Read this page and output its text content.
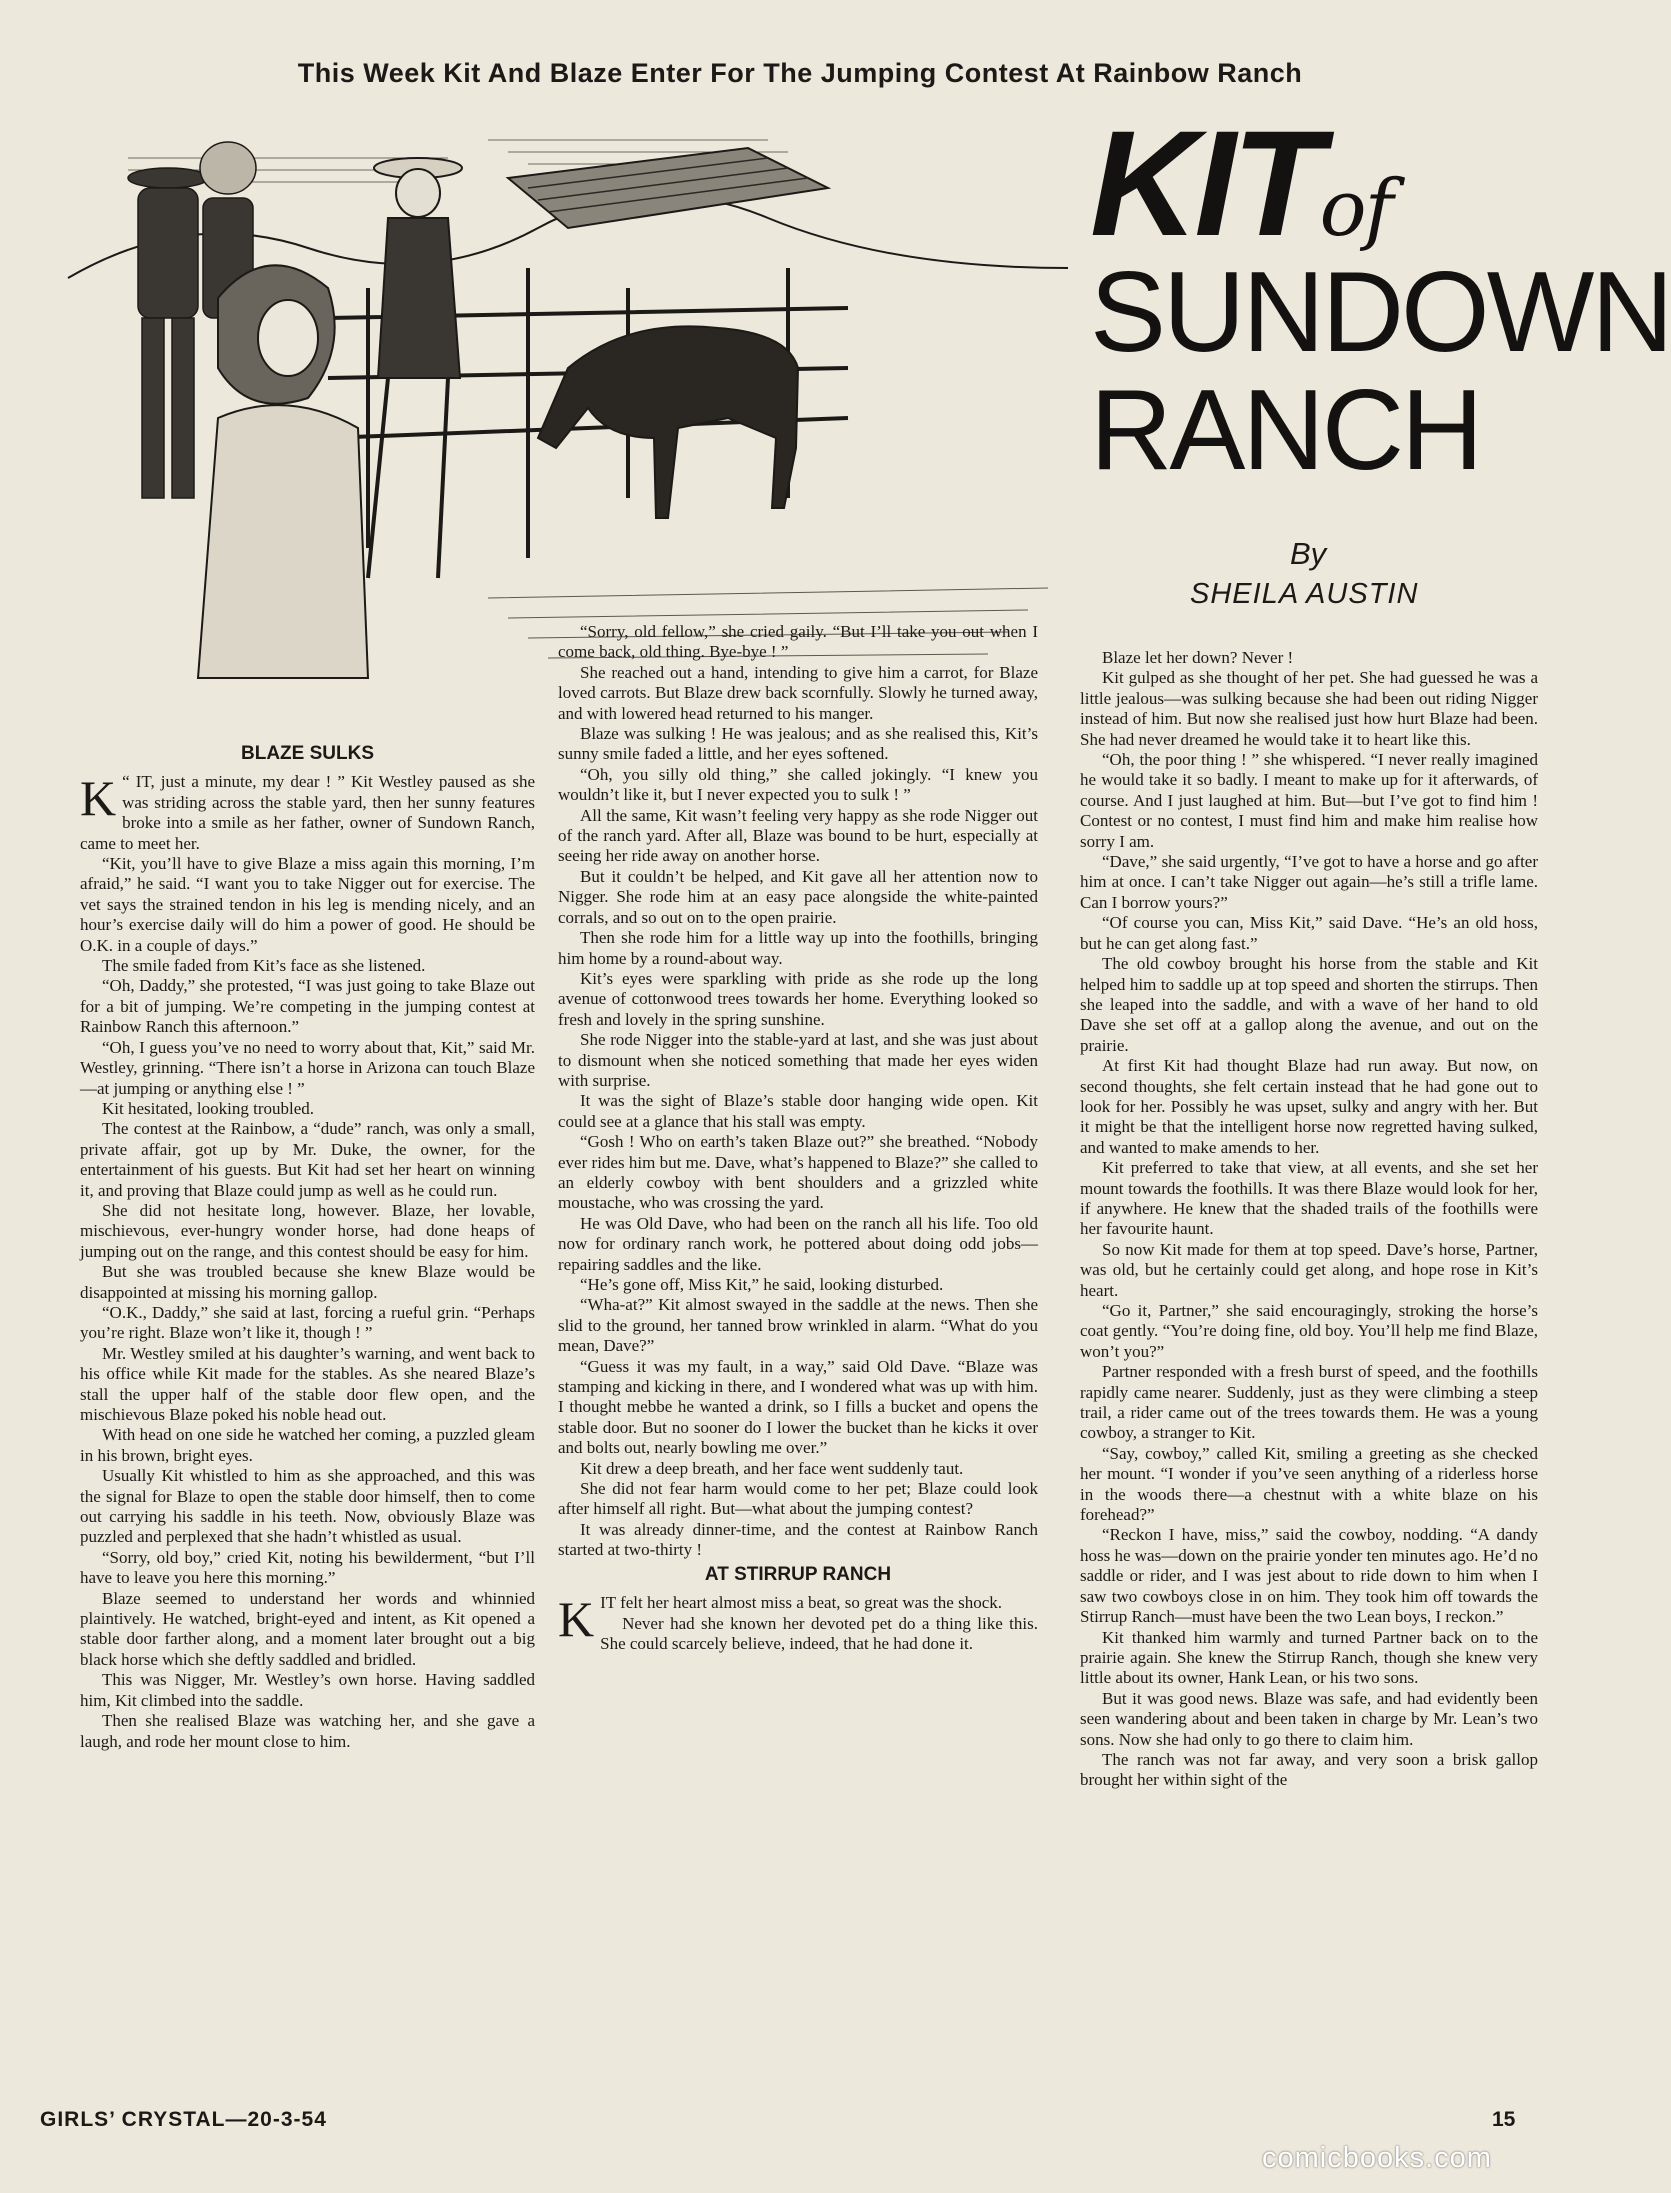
This Week Kit And Blaze Enter For The Jumping Contest At Rainbow Ranch
KITof
SUNDOWN
RANCH
By
SHEILA AUSTIN
BLAZE SULKS

K “ IT, just a minute, my dear ! ” Kit Westley paused as she was striding across the stable yard, then her sunny features broke into a smile as her father, owner of Sundown Ranch, came to meet her.

“Kit, you’ll have to give Blaze a miss again this morning, I’m afraid,” he said. “I want you to take Nigger out for exercise. The vet says the strained tendon in his leg is mending nicely, and an hour’s exercise daily will do him a power of good. He should be O.K. in a couple of days.”

The smile faded from Kit’s face as she listened.

“Oh, Daddy,” she protested, “I was just going to take Blaze out for a bit of jumping. We’re competing in the jumping contest at Rainbow Ranch this afternoon.”

“Oh, I guess you’ve no need to worry about that, Kit,” said Mr. Westley, grinning. “There isn’t a horse in Arizona can touch Blaze—at jumping or anything else ! ”

Kit hesitated, looking troubled.

The contest at the Rainbow, a “dude” ranch, was only a small, private affair, got up by Mr. Duke, the owner, for the entertainment of his guests. But Kit had set her heart on winning it, and proving that Blaze could jump as well as he could run.

She did not hesitate long, however. Blaze, her lovable, mischievous, ever-hungry wonder horse, had done heaps of jumping out on the range, and this contest should be easy for him.

But she was troubled because she knew Blaze would be disappointed at missing his morning gallop.

“O.K., Daddy,” she said at last, forcing a rueful grin. “Perhaps you’re right. Blaze won’t like it, though ! ”

Mr. Westley smiled at his daughter’s warning, and went back to his office while Kit made for the stables. As she neared Blaze’s stall the upper half of the stable door flew open, and the mischievous Blaze poked his noble head out.

With head on one side he watched her coming, a puzzled gleam in his brown, bright eyes.

Usually Kit whistled to him as she approached, and this was the signal for Blaze to open the stable door himself, then to come out carrying his saddle in his teeth. Now, obviously Blaze was puzzled and perplexed that she hadn’t whistled as usual.

“Sorry, old boy,” cried Kit, noting his bewilderment, “but I’ll have to leave you here this morning.”

Blaze seemed to understand her words and whinnied plaintively. He watched, bright-eyed and intent, as Kit opened a stable door farther along, and a moment later brought out a big black horse which she deftly saddled and bridled.

This was Nigger, Mr. Westley’s own horse. Having saddled him, Kit climbed into the saddle.

Then she realised Blaze was watching her, and she gave a laugh, and rode her mount close to him.

“Sorry, old fellow,” she cried gaily. “But I’ll take you out when I come back, old thing. Bye-bye ! ”

She reached out a hand, intending to give him a carrot, for Blaze loved carrots. But Blaze drew back scornfully. Slowly he turned away, and with lowered head returned to his manger.

Blaze was sulking ! He was jealous; and as she realised this, Kit’s sunny smile faded a little, and her eyes softened.

“Oh, you silly old thing,” she called jokingly. “I knew you wouldn’t like it, but I never expected you to sulk ! ”

All the same, Kit wasn’t feeling very happy as she rode Nigger out of the ranch yard. After all, Blaze was bound to be hurt, especially at seeing her ride away on another horse.

But it couldn’t be helped, and Kit gave all her attention now to Nigger. She rode him at an easy pace alongside the white-painted corrals, and so out on to the open prairie.

Then she rode him for a little way up into the foothills, bringing him home by a round-about way.

Kit’s eyes were sparkling with pride as she rode up the long avenue of cottonwood trees towards her home. Everything looked so fresh and lovely in the spring sunshine.

She rode Nigger into the stable-yard at last, and she was just about to dismount when she noticed something that made her eyes widen with surprise.

It was the sight of Blaze’s stable door hanging wide open. Kit could see at a glance that his stall was empty.

“Gosh ! Who on earth’s taken Blaze out?” she breathed. “Nobody ever rides him but me. Dave, what’s happened to Blaze?” she called to an elderly cowboy with bent shoulders and a grizzled white moustache, who was crossing the yard.

He was Old Dave, who had been on the ranch all his life. Too old now for ordinary ranch work, he pottered about doing odd jobs—repairing saddles and the like.

“He’s gone off, Miss Kit,” he said, looking disturbed.

“Wha-at?” Kit almost swayed in the saddle at the news. Then she slid to the ground, her tanned brow wrinkled in alarm. “What do you mean, Dave?”

“Guess it was my fault, in a way,” said Old Dave. “Blaze was stamping and kicking in there, and I wondered what was up with him. I thought mebbe he wanted a drink, so I fills a bucket and opens the stable door. But no sooner do I lower the bucket than he kicks it over and bolts out, nearly bowling me over.”

Kit drew a deep breath, and her face went suddenly taut.

She did not fear harm would come to her pet; Blaze could look after himself all right. But—what about the jumping contest?

It was already dinner-time, and the contest at Rainbow Ranch started at two-thirty !

AT STIRRUP RANCH

KIT felt her heart almost miss a beat, so great was the shock.

Never had she known her devoted pet do a thing like this. She could scarcely believe, indeed, that he had done it.

Blaze let her down? Never !

Kit gulped as she thought of her pet. She had guessed he was a little jealous—was sulking because she had been out riding Nigger instead of him. But now she realised just how hurt Blaze had been. She had never dreamed he would take it to heart like this.

“Oh, the poor thing ! ” she whispered. “I never really imagined he would take it so badly. I meant to make up for it afterwards, of course. And I just laughed at him. But—but I’ve got to find him ! Contest or no contest, I must find him and make him realise how sorry I am.

“Dave,” she said urgently, “I’ve got to have a horse and go after him at once. I can’t take Nigger out again—he’s still a trifle lame. Can I borrow yours?”

“Of course you can, Miss Kit,” said Dave. “He’s an old hoss, but he can get along fast.”

The old cowboy brought his horse from the stable and Kit helped him to saddle up at top speed and shorten the stirrups. Then she leaped into the saddle, and with a wave of her hand to old Dave she set off at a gallop along the avenue, and out on the prairie.

At first Kit had thought Blaze had run away. But now, on second thoughts, she felt certain instead that he had gone out to look for her. Possibly he was upset, sulky and angry with her. But it might be that the intelligent horse now regretted having sulked, and wanted to make amends to her.

Kit preferred to take that view, at all events, and she set her mount towards the foothills. It was there Blaze would look for her, if anywhere. He knew that the shaded trails of the foothills were her favourite haunt.

So now Kit made for them at top speed. Dave’s horse, Partner, was old, but he certainly could get along, and hope rose in Kit’s heart.

“Go it, Partner,” she said encouragingly, stroking the horse’s coat gently. “You’re doing fine, old boy. You’ll help me find Blaze, won’t you?”

Partner responded with a fresh burst of speed, and the foothills rapidly came nearer. Suddenly, just as they were climbing a steep trail, a rider came out of the trees towards them. He was a young cowboy, a stranger to Kit.

“Say, cowboy,” called Kit, smiling a greeting as she checked her mount. “I wonder if you’ve seen anything of a riderless horse in the woods there—a chestnut with a white blaze on his forehead?”

“Reckon I have, miss,” said the cowboy, nodding. “A dandy hoss he was—down on the prairie yonder ten minutes ago. He’d no saddle or rider, and I was jest about to ride down to him when I saw two cowboys close in on him. They took him off towards the Stirrup Ranch—must have been the two Lean boys, I reckon.”

Kit thanked him warmly and turned Partner back on to the prairie again. She knew the Stirrup Ranch, though she knew very little about its owner, Hank Lean, or his two sons.

But it was good news. Blaze was safe, and had evidently been seen wandering about and been taken in charge by Mr. Lean’s two sons. Now she had only to go there to claim him.

The ranch was not far away, and very soon a brisk gallop brought her within sight of the

GIRLS’ CRYSTAL—20-3-54	15
comicbooks.com
